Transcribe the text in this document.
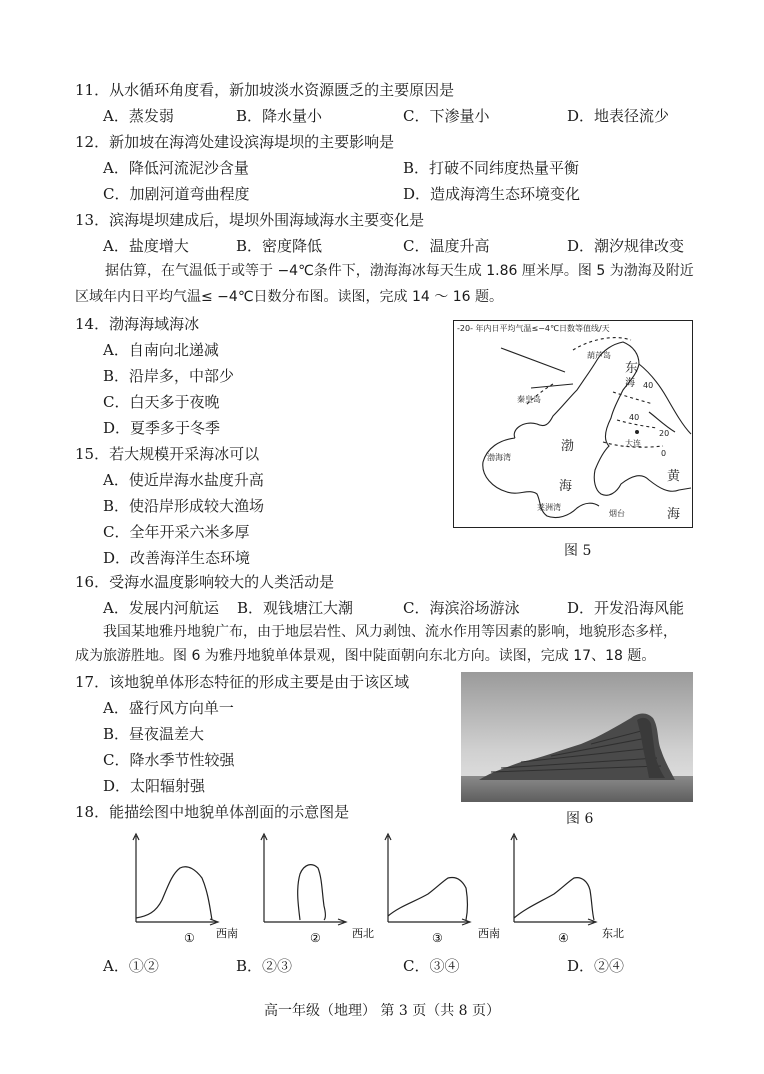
11．从水循环角度看，新加坡淡水资源匮乏的主要原因是
A．蒸发弱	B．降水量小	C．下渗量小	D．地表径流少
12．新加坡在海湾处建设滨海堤坝的主要影响是
A．降低河流泥沙含量	B．打破不同纬度热量平衡
C．加剧河道弯曲程度	D．造成海湾生态环境变化
13．滨海堤坝建成后，堤坝外围海域海水主要变化是
A．盐度增大	B．密度降低	C．温度升高	D．潮汐规律改变
据估算，在气温低于或等于 −4℃条件下，渤海海冰每天生成 1.86 厘米厚。图 5 为渤海及附近区域年内日平均气温≤ −4℃日数分布图。读图，完成 14 ～ 16 题。
14．渤海海域海冰
A．自南向北递减
B．沿岸多，中部少
C．白天多于夜晚
D．夏季多于冬季
15．若大规模开采海冰可以
A．使近岸海水盐度升高
B．使沿岸形成较大渔场
C．全年开采六米多厚
D．改善海洋生态环境
-20- 年内日平均气温≤−4℃日数等值线/天
葫芦岛
秦皇岛
40
20
0
40
大连
渤海湾
莱洲湾
烟台
东
海
渤
海
黄
海
图 5
16．受海水温度影响较大的人类活动是
A．发展内河航运 B．观钱塘江大潮	C．海滨浴场游泳	D．开发沿海风能
我国某地雅丹地貌广布，由于地层岩性、风力剥蚀、流水作用等因素的影响，地貌形态多样，
成为旅游胜地。图 6 为雅丹地貌单体景观，图中陡面朝向东北方向。读图，完成 17、18 题。
17．该地貌单体形态特征的形成主要是由于该区域
A．盛行风方向单一
B．昼夜温差大
C．降水季节性较强
D．太阳辐射强
图 6
18．能描绘图中地貌单体剖面的示意图是
① 西南	②	西北	③	西南	④	东北
A．①②	B．②③	C．③④	D．②④
高一年级（地理） 第 3 页（共 8 页）
